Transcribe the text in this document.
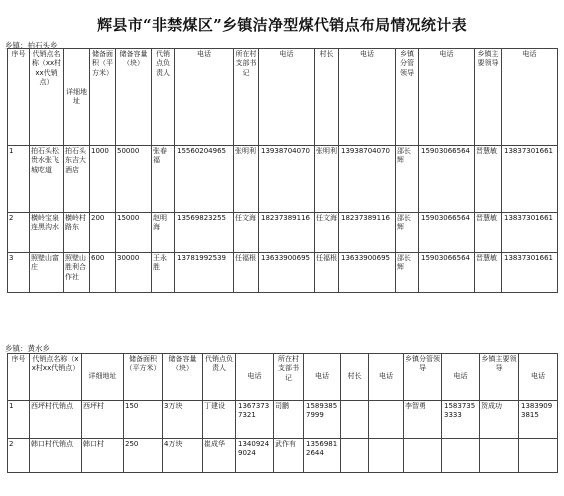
辉县市“非禁煤区”乡镇洁净型煤代销点布局情况统计表
乡镇：拍石头乡
序号	代销点名称（xx村xx代销点）	详细地址	储备面积（平方米）	储备容量（块）	代销点负责人	电话	所在村支部书记	电话	村长	电话	乡镇分管领导	电话	乡镇主要领导	电话
1	拍石头松贵水张飞城吃道	拍石头东吉大酒店	1000	50000	张春福	15560204965	张明利	13938704070	张明利	13938704070	邵长辉	15903066564	晋慧敏	13837301661
2	横岭宝泉连黑沟水	横岭村路东	200	15000	赵明海	13569823255	任文海	18237389116	任文海	18237389116	邵长辉	15903066564	晋慧敏	13837301661
3	照壁山富庄	照壁山胜利合作社	600	30000	王永胜	13781992539	任福根	13633900695	任福根	13633900695	邵长辉	15903066564	晋慧敏	13837301661
乡镇：黄水乡
序号	代销点名称（xx村xx代销点）	详细地址	储备面积（平方米）	储备容量（块）	代销点负责人	电话	所在村支部书记	电话	村长	电话	乡镇分管领导	电话	乡镇主要领导	电话
1	西坪村代销点	西坪村	150	3万块	丁建设	13673737321	司鹏	15893857999			李智勇	15837353333	贺成功	13839093815
2	韩口村代销点	韩口村	250	4万块	崔成华	13409249024	武作有	13569812644						
